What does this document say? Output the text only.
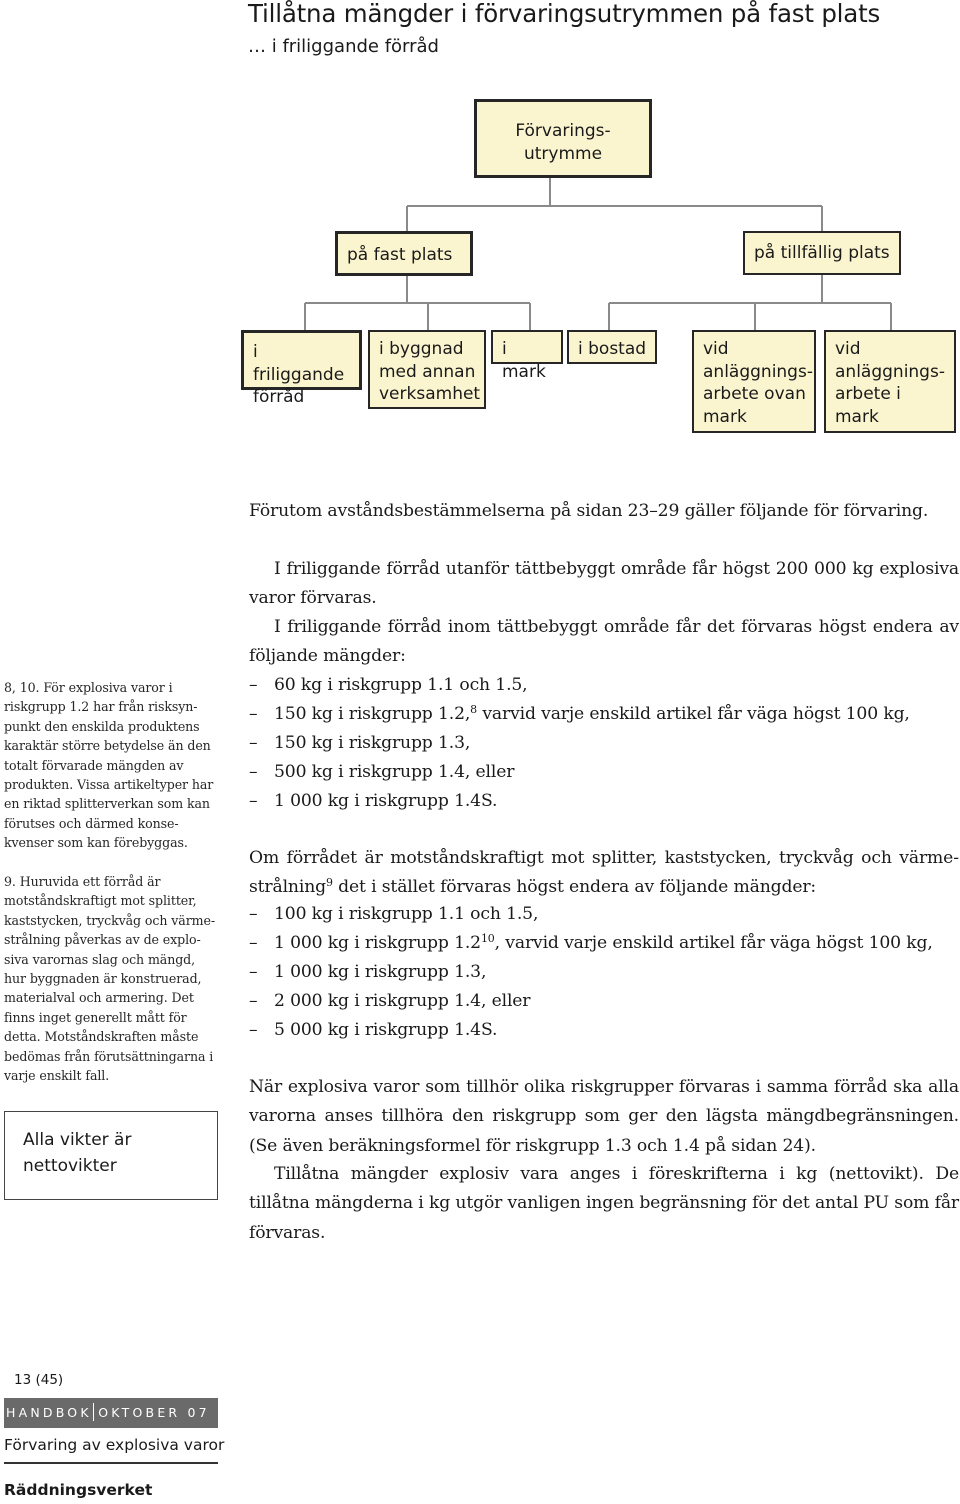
Tillåtna mängder i förvaringsutrymmen på fast plats
… i friliggande förråd
Förvarings-
utrymme
på fast plats	på tillfällig plats
i friliggande
förråd
i byggnad
med annan
verksamhet
i mark
i bostad	vid
anläggnings-
arbete ovan
mark
vid
anläggnings-
arbete i mark
8, 10. För explosiva varor i riskgrupp 1.2 har från risksynpunkt den enskilda produktens karaktär större betydelse än den totalt förvarade mängden av produkten. Vissa artikeltyper har en riktad splitterverkan som kan förutses och därmed konsekvenser som kan förebyggas.
9. Huruvida ett förråd är motståndskraftigt mot splitter, kaststycken, tryckvåg och värmestrålning påverkas av de explosiva varornas slag och mängd, hur byggnaden är konstruerad, materialval och armering. Det finns inget generellt mått för detta. Motståndskraften måste bedömas från förutsättningarna i varje enskilt fall.
Alla vikter är
nettovikter
Förutom avståndsbestämmelserna på sidan 23–29 gäller följande för förvaring.
I friliggande förråd utanför tättbebyggt område får högst 200 000 kg explosiva varor förvaras.
I friliggande förråd inom tättbebyggt område får det förvaras högst endera av följande mängder:
– 60 kg i riskgrupp 1.1 och 1.5,
– 150 kg i riskgrupp 1.2,$^8$ varvid varje enskild artikel får väga högst 100 kg,
– 150 kg i riskgrupp 1.3,
– 500 kg i riskgrupp 1.4, eller
– 1 000 kg i riskgrupp 1.4S.
Om förrådet är motståndskraftigt mot splitter, kaststycken, tryckvåg och värmestrålning$^9$ det i stället förvaras högst endera av följande mängder:
– 100 kg i riskgrupp 1.1 och 1.5,
– 1 000 kg i riskgrupp $1.2^{10}$, varvid varje enskild artikel får väga högst 100 kg,
– 1 000 kg i riskgrupp 1.3,
– 2 000 kg i riskgrupp 1.4, eller
– 5 000 kg i riskgrupp 1.4S.
När explosiva varor som tillhör olika riskgrupper förvaras i samma förråd ska alla varorna anses tillhöra den riskgrupp som ger den lägsta mängdbegränsningen. (Se även beräkningsformel för riskgrupp 1.3 och 1.4 på sidan 24).
Tillåtna mängder explosiv vara anges i föreskrifterna i kg (nettovikt). De tillåtna mängderna i kg utgör vanligen ingen begränsning för det antal PU som får förvaras.
13 (45)
HANDBOK OKTOBER 07
Förvaring av explosiva varor
Räddningsverket
